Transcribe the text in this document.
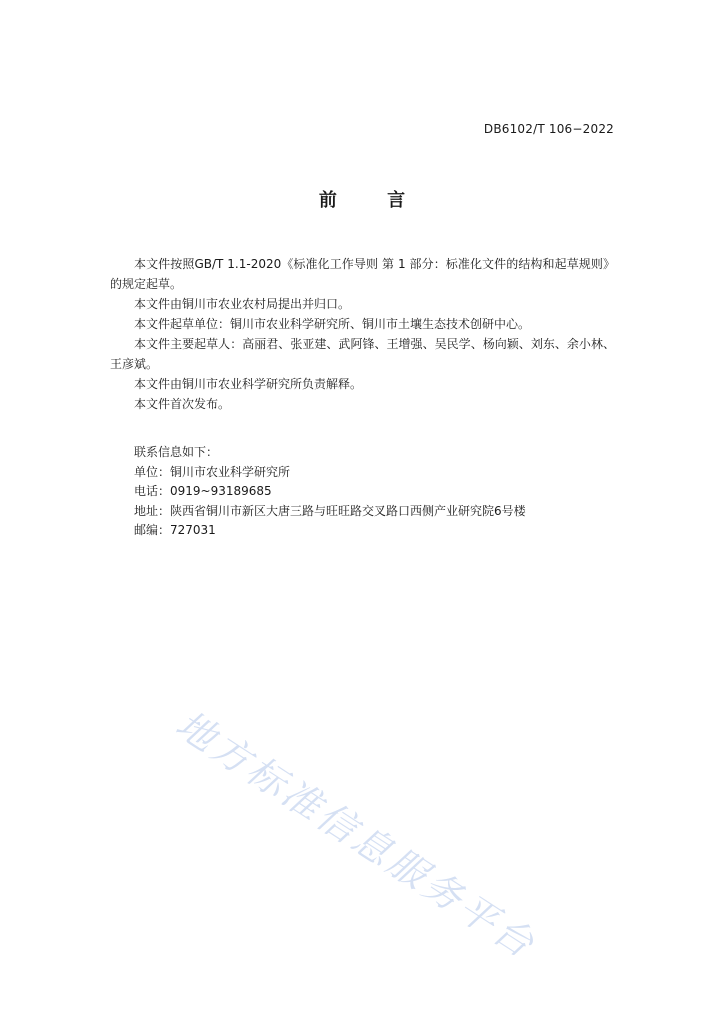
DB6102/T 106−2022
前 言

本文件按照GB/T 1.1-2020《标准化工作导则 第 1 部分：标准化文件的结构和起草规则》的规定起草。

本文件由铜川市农业农村局提出并归口。

本文件起草单位：铜川市农业科学研究所、铜川市土壤生态技术创研中心。

本文件主要起草人：高丽君、张亚建、武阿锋、王增强、吴民学、杨向颖、刘东、余小林、王彦斌。

本文件由铜川市农业科学研究所负责解释。

本文件首次发布。

联系信息如下：

单位：铜川市农业科学研究所

电话：0919~93189685

地址：陕西省铜川市新区大唐三路与旺旺路交叉路口西侧产业研究院6号楼

邮编：727031

地方标准信息服务平台
